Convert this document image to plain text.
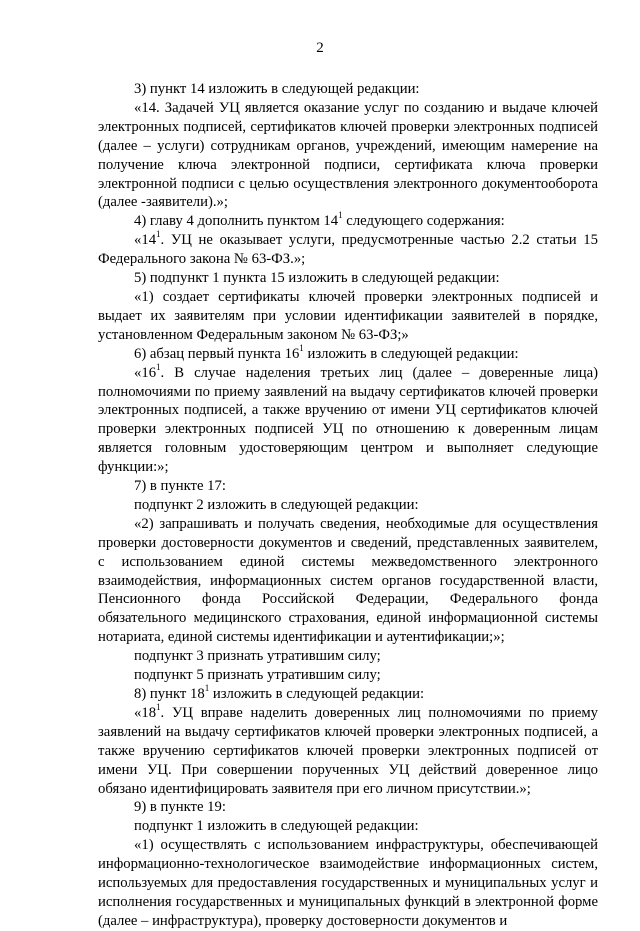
2

3) пункт 14 изложить в следующей редакции:

«14. Задачей УЦ является оказание услуг по созданию и выдаче ключей электронных подписей, сертификатов ключей проверки электронных подписей (далее – услуги) сотрудникам органов, учреждений, имеющим намерение на получение ключа электронной подписи, сертификата ключа проверки электронной подписи с целью осуществления электронного документооборота (далее -заявители).»;

4) главу 4 дополнить пунктом $14^1$ следующего содержания:

«$14^1$. УЦ не оказывает услуги, предусмотренные частью 2.2 статьи 15 Федерального закона № 63-ФЗ.»;

5) подпункт 1 пункта 15 изложить в следующей редакции:

«1) создает сертификаты ключей проверки электронных подписей и выдает их заявителям при условии идентификации заявителей в порядке, установленном Федеральным законом № 63-ФЗ;»

6) абзац первый пункта $16^1$ изложить в следующей редакции:

«$16^1$. В случае наделения третьих лиц (далее – доверенные лица) полномочиями по приему заявлений на выдачу сертификатов ключей проверки электронных подписей, а также вручению от имени УЦ сертификатов ключей проверки электронных подписей УЦ по отношению к доверенным лицам является головным удостоверяющим центром и выполняет следующие функции:»;

7) в пункте 17:

подпункт 2 изложить в следующей редакции:

«2) запрашивать и получать сведения, необходимые для осуществления проверки достоверности документов и сведений, представленных заявителем, с использованием единой системы межведомственного электронного взаимодействия, информационных систем органов государственной власти, Пенсионного фонда Российской Федерации, Федерального фонда обязательного медицинского страхования, единой информационной системы нотариата, единой системы идентификации и аутентификации;»;

подпункт 3 признать утратившим силу;

подпункт 5 признать утратившим силу;

8) пункт $18^1$ изложить в следующей редакции:

«$18^1$. УЦ вправе наделить доверенных лиц полномочиями по приему заявлений на выдачу сертификатов ключей проверки электронных подписей, а также вручению сертификатов ключей проверки электронных подписей от имени УЦ. При совершении порученных УЦ действий доверенное лицо обязано идентифицировать заявителя при его личном присутствии.»;

9) в пункте 19:

подпункт 1 изложить в следующей редакции:

«1) осуществлять с использованием инфраструктуры, обеспечивающей информационно-технологическое взаимодействие информационных систем, используемых для предоставления государственных и муниципальных услуг и исполнения государственных и муниципальных функций в электронной форме (далее – инфраструктура), проверку достоверности документов и
